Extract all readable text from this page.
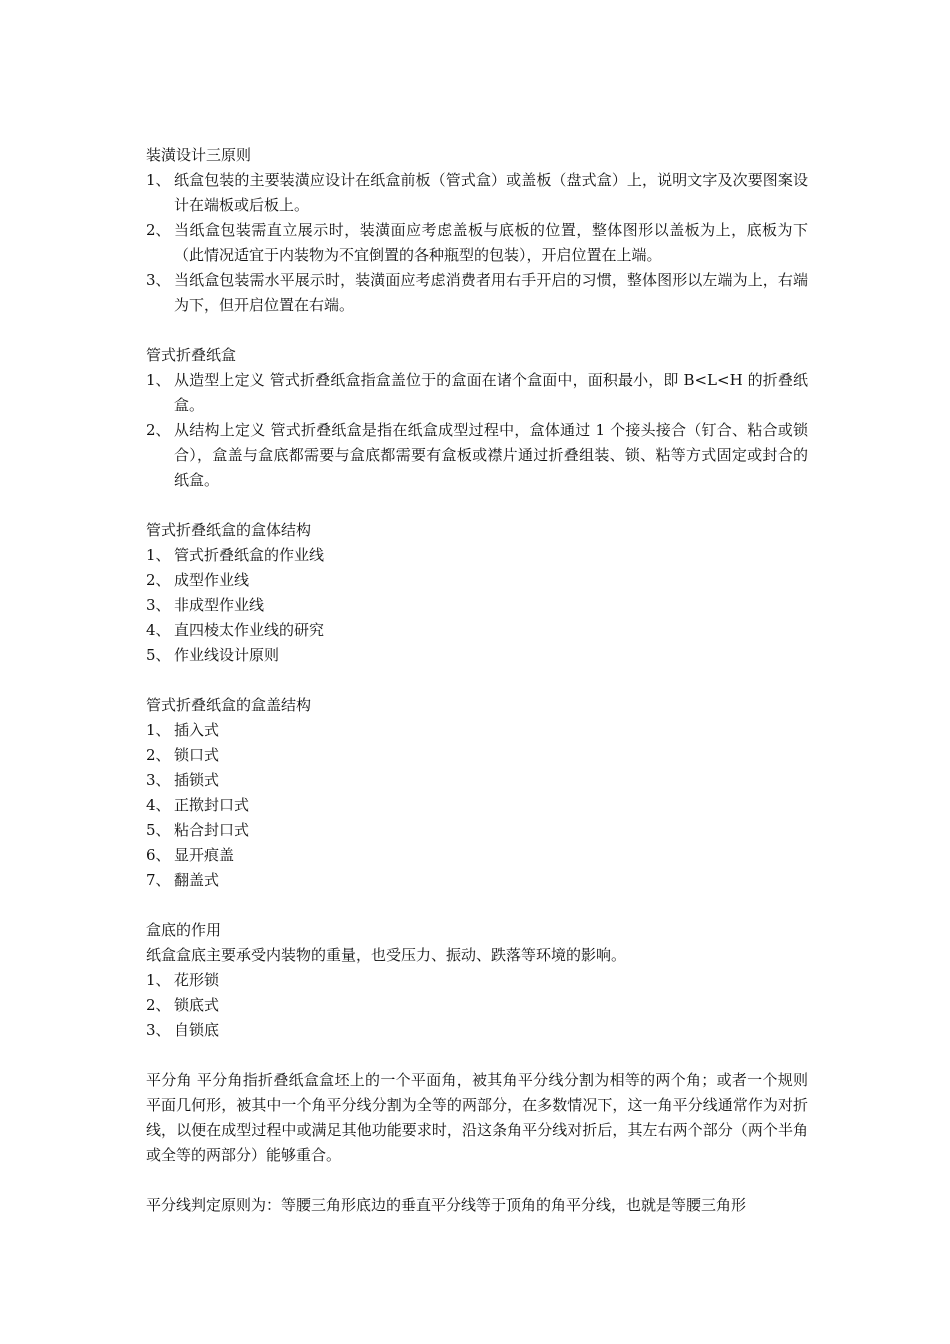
装潢设计三原则

1、 纸盒包装的主要装潢应设计在纸盒前板（管式盒）或盖板（盘式盒）上，说明文字及次要图案设计在端板或后板上。
2、 当纸盒包装需直立展示时，装潢面应考虑盖板与底板的位置，整体图形以盖板为上，底板为下（此情况适宜于内装物为不宜倒置的各种瓶型的包装），开启位置在上端。
3、 当纸盒包装需水平展示时，装潢面应考虑消费者用右手开启的习惯，整体图形以左端为上，右端为下，但开启位置在右端。

管式折叠纸盒

1、 从造型上定义 管式折叠纸盒指盒盖位于的盒面在诸个盒面中，面积最小，即 B<L<H 的折叠纸盒。
2、 从结构上定义 管式折叠纸盒是指在纸盒成型过程中，盒体通过 1 个接头接合（钉合、粘合或锁合），盒盖与盒底都需要与盒底都需要有盒板或襟片通过折叠组装、锁、粘等方式固定或封合的纸盒。

管式折叠纸盒的盒体结构

1、 管式折叠纸盒的作业线
2、 成型作业线
3、 非成型作业线
4、 直四棱太作业线的研究
5、 作业线设计原则

管式折叠纸盒的盒盖结构

1、 插入式
2、 锁口式
3、 插锁式
4、 正揿封口式
5、 粘合封口式
6、 显开痕盖
7、 翻盖式

盒底的作用

纸盒盒底主要承受内装物的重量，也受压力、振动、跌落等环境的影响。

1、 花形锁
2、 锁底式
3、 自锁底

平分角 平分角指折叠纸盒盒坯上的一个平面角，被其角平分线分割为相等的两个角；或者一个规则平面几何形，被其中一个角平分线分割为全等的两部分，在多数情况下，这一角平分线通常作为对折线，以便在成型过程中或满足其他功能要求时，沿这条角平分线对折后，其左右两个部分（两个半角或全等的两部分）能够重合。

平分线判定原则为：等腰三角形底边的垂直平分线等于顶角的角平分线，也就是等腰三角形
